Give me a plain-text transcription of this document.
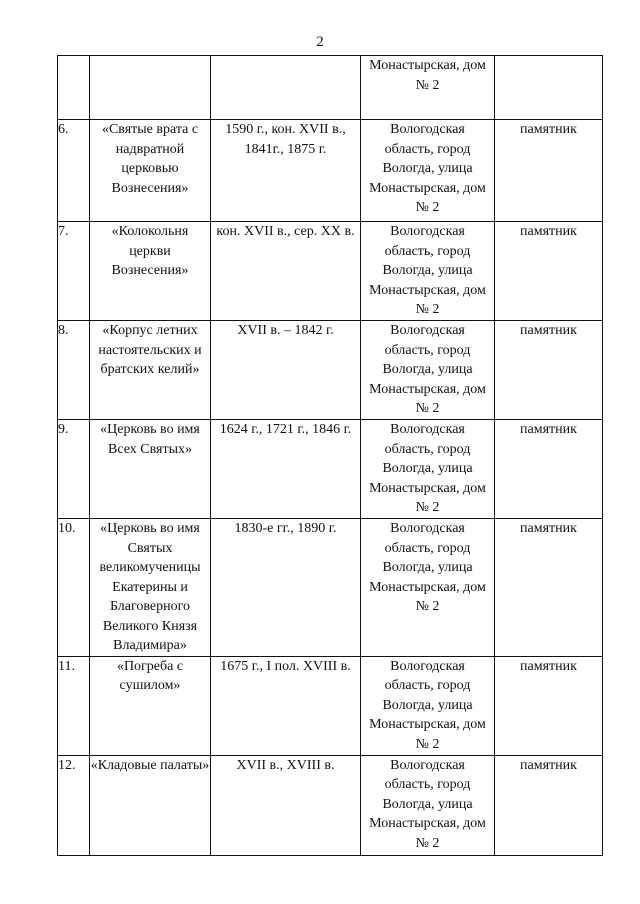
2

			Монастырская, дом
№ 2	

6.	«Святые врата с надвратной церковью Вознесения»	1590 г., кон. XVII в., 1841г., 1875 г.	Вологодская
область, город
Вологда, улица
Монастырская, дом
№ 2	памятник
7.	«Колокольня церкви Вознесения»	кон. XVII в., сер. XX в.	Вологодская
область, город
Вологда, улица
Монастырская, дом
№ 2	памятник
8.	«Корпус летних настоятельских и братских келий»	XVII в. – 1842 г.	Вологодская
область, город
Вологда, улица
Монастырская, дом
№ 2	памятник
9.	«Церковь во имя Всех Святых»	1624 г., 1721 г., 1846 г.	Вологодская
область, город
Вологда, улица
Монастырская, дом
№ 2	памятник
10.	«Церковь во имя Святых великомученицы Екатерины и Благоверного Великого Князя Владимира»	1830-е гг., 1890 г.	Вологодская
область, город
Вологда, улица
Монастырская, дом
№ 2	памятник
11.	«Погреба с сушилом»	1675 г., I пол. XVIII в.	Вологодская
область, город
Вологда, улица
Монастырская, дом
№ 2	памятник
12.	«Кладовые палаты»	XVII в., XVIII в.	Вологодская
область, город
Вологда, улица
Монастырская, дом
№ 2	памятник
